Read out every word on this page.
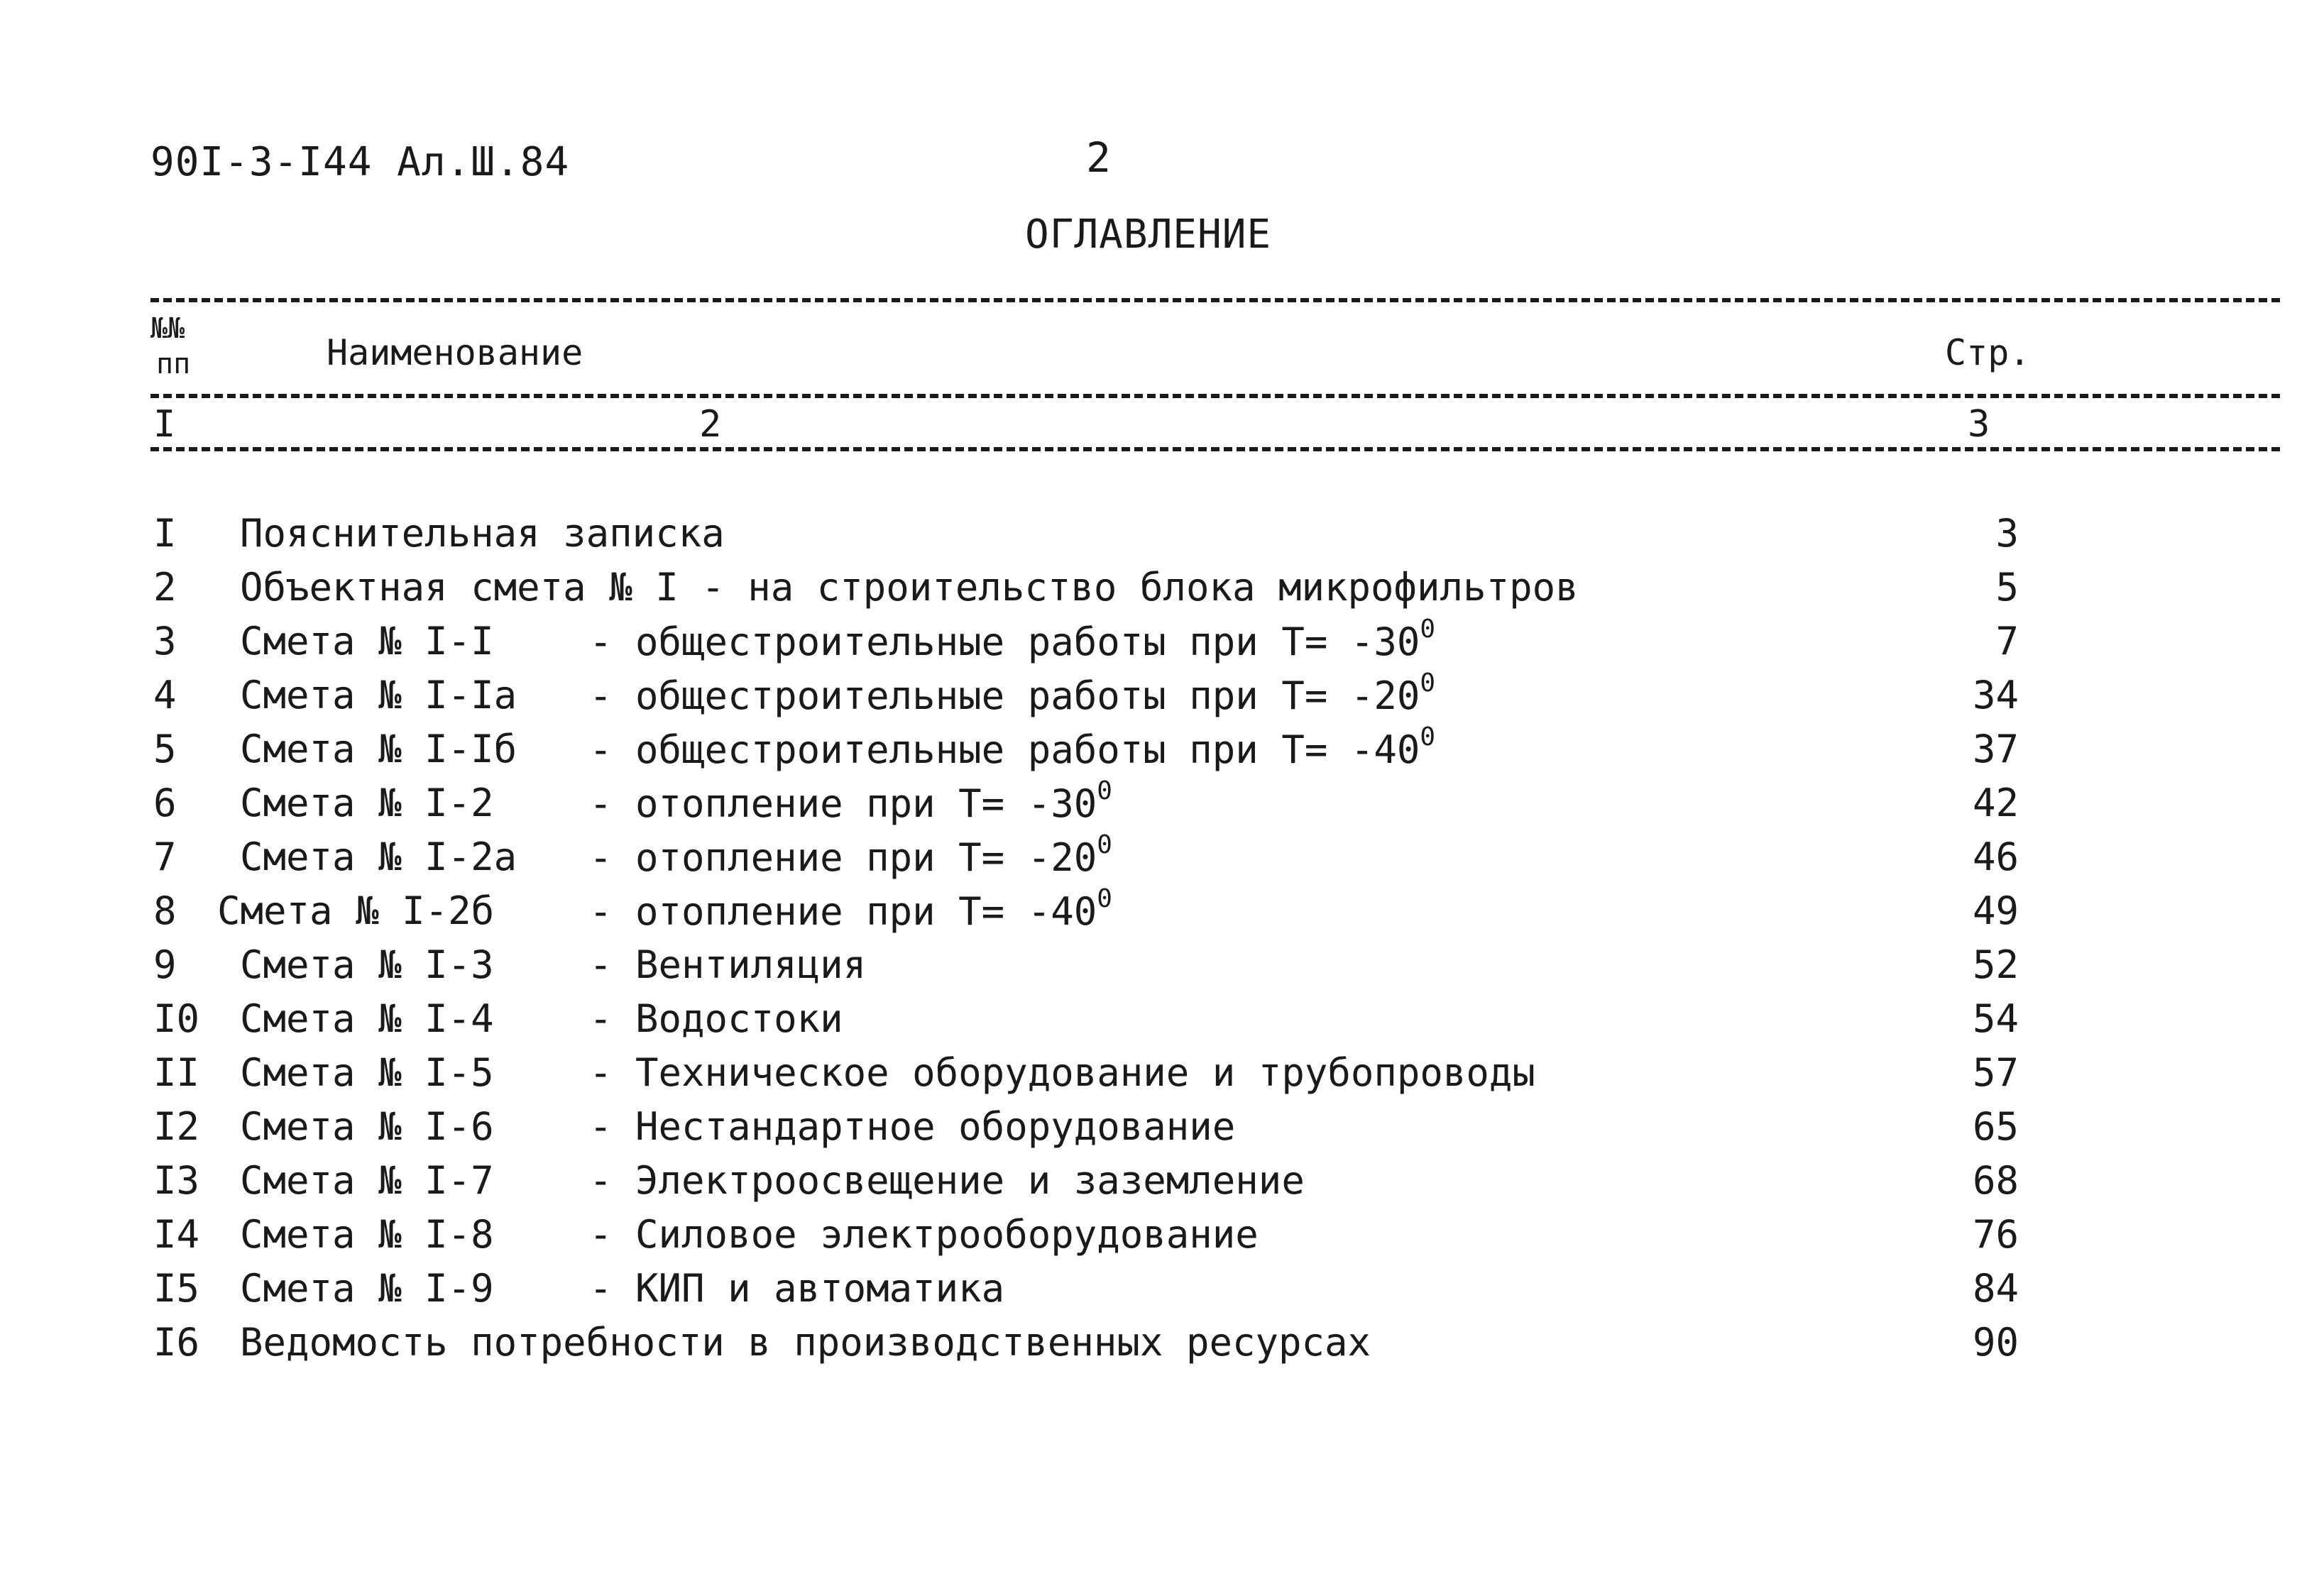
90I-3-I44 Ал.Ш.84	2
ОГЛАВЛЕНИЕ
№№
пп	Наименование	Стр.
I	2	3
I Пояснительная записка	3
2 Объектная смета № I - на строительство блока микрофильтров	5
3 Смета № I-I - общестроительные работы при $T= -30^0$	7
4 Смета № I-Iа - общестроительные работы при $T= -20^0$	34
5 Смета № I-Iб - общестроительные работы при $T= -40^0$	37
6 Смета № I-2 - отопление при $T= -30^0$	42
7 Смета № I-2а - отопление при $T= -20^0$	46
8 Смета № I-2б - отопление при $T= -40^0$	49
9 Смета № I-3 - Вентиляция	52
I0 Смета № I-4 - Водостоки	54
II Смета № I-5 - Техническое оборудование и трубопроводы	57
I2 Смета № I-6 - Нестандартное оборудование	65
I3 Смета № I-7 - Электроосвещение и заземление	68
I4 Смета № I-8 - Силовое электрооборудование	76
I5 Смета № I-9 - КИП и автоматика	84
I6 Ведомость потребности в производственных ресурсах	90
